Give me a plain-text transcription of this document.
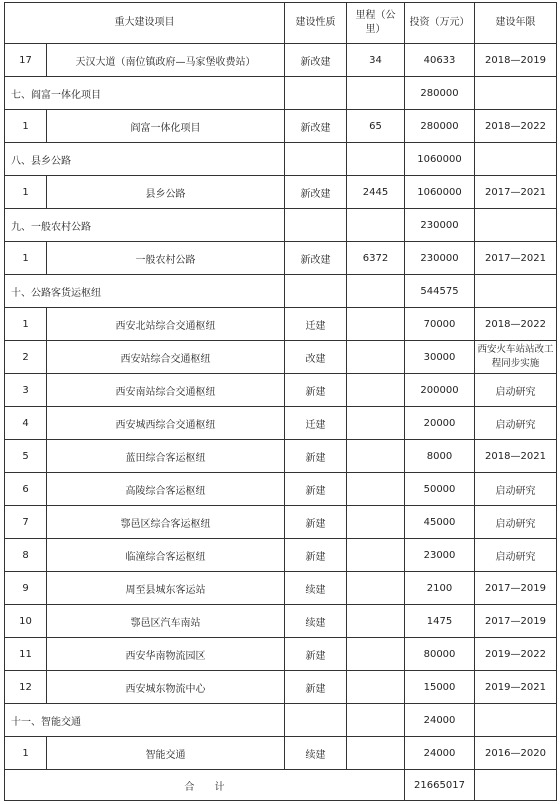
重大建设项目		建设性质	里程（公里）	投资（万元）	建设年限
17	天汉大道（南位镇政府—马家堡收费站）	新改建	34	40633	2018—2019
七、阎富一体化项目				280000	
1	阎富一体化项目	新改建	65	280000	2018—2022
八、县乡公路				1060000	
1	县乡公路	新改建	2445	1060000	2017—2021
九、一般农村公路				230000	
1	一般农村公路	新改建	6372	230000	2017—2021
十、公路客货运枢纽				544575	
1	西安北站综合交通枢纽	迁建		70000	2018—2022
2	西安站综合交通枢纽	改建		30000	西安火车站站改工程同步实施
3	西安南站综合交通枢纽	新建		200000	启动研究
4	西安城西综合交通枢纽	迁建		20000	启动研究
5	蓝田综合客运枢纽	新建		8000	2018—2021
6	高陵综合客运枢纽	新建		50000	启动研究
7	鄠邑区综合客运枢纽	新建		45000	启动研究
8	临潼综合客运枢纽	新建		23000	启动研究
9	周至县城东客运站	续建		2100	2017—2019
10	鄠邑区汽车南站	续建		1475	2017—2019
11	西安华南物流园区	新建		80000	2019—2022
12	西安城东物流中心	新建		15000	2019—2021
十一、智能交通				24000	
1	智能交通	续建		24000	2016—2020
合　　计				21665017	
